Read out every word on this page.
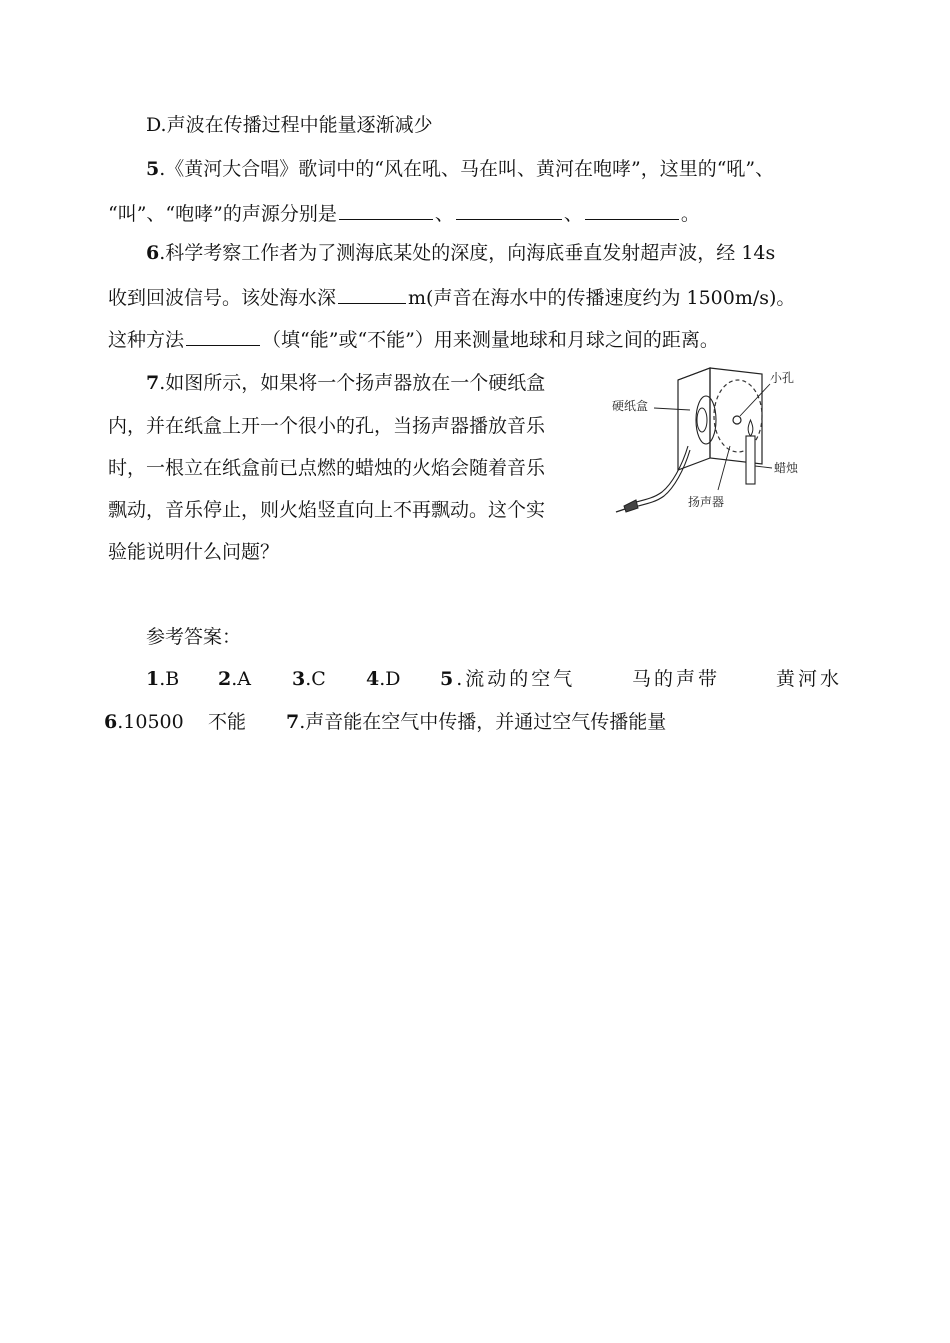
D.声波在传播过程中能量逐渐减少
5.《黄河大合唱》歌词中的“风在吼、马在叫、黄河在咆哮”，这里的“吼”、
“叫”、“咆哮”的声源分别是	、	、	。
6.科学考察工作者为了测海底某处的深度，向海底垂直发射超声波，经 14s
收到回波信号。该处海水深	m(声音在海水中的传播速度约为 1500m/s)。
这种方法	（填“能”或“不能”）用来测量地球和月球之间的距离。
7.如图所示，如果将一个扬声器放在一个硬纸盒
内，并在纸盒上开一个很小的孔，当扬声器播放音乐
时，一根立在纸盒前已点燃的蜡烛的火焰会随着音乐
飘动，音乐停止，则火焰竖直向上不再飘动。这个实
验能说明什么问题？
硬纸盒
小孔
蜡烛
扬声器
参考答案：
1.B 2.A 3.C 4.D 5.流动的空气	马的声带	黄河水
6.10500 不能 7.声音能在空气中传播，并通过空气传播能量
